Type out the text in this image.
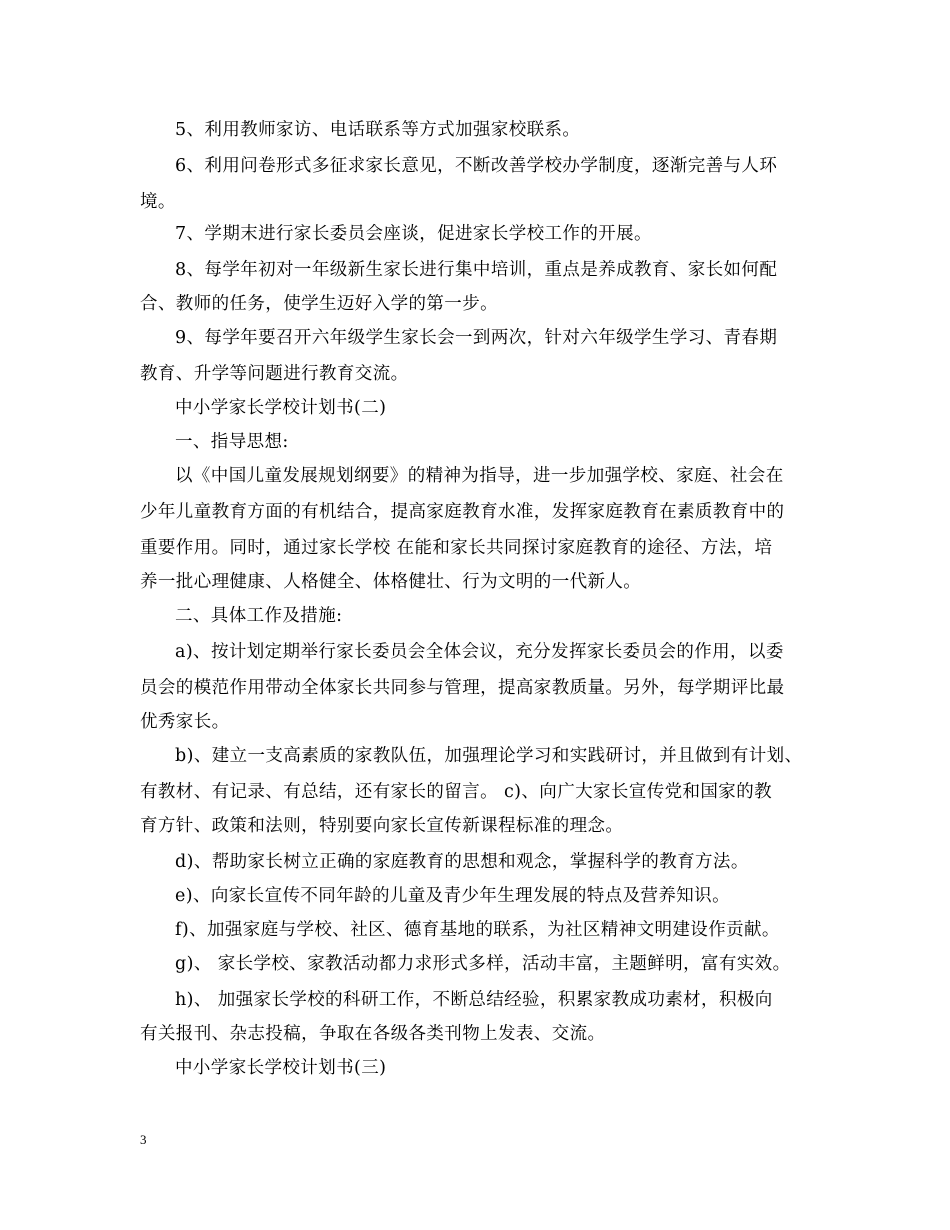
5、利用教师家访、电话联系等方式加强家校联系。
6、利用问卷形式多征求家长意见，不断改善学校办学制度，逐渐完善与人环
境。
7、学期末进行家长委员会座谈，促进家长学校工作的开展。
8、每学年初对一年级新生家长进行集中培训，重点是养成教育、家长如何配
合、教师的任务，使学生迈好入学的第一步。
9、每学年要召开六年级学生家长会一到两次，针对六年级学生学习、青春期
教育、升学等问题进行教育交流。
中小学家长学校计划书(二)
一、指导思想:
以《中国儿童发展规划纲要》的精神为指导，进一步加强学校、家庭、社会在
少年儿童教育方面的有机结合，提高家庭教育水准，发挥家庭教育在素质教育中的
重要作用。同时，通过家长学校 在能和家长共同探讨家庭教育的途径、方法，培
养一批心理健康、人格健全、体格健壮、行为文明的一代新人。
二、具体工作及措施:
a)、按计划定期举行家长委员会全体会议，充分发挥家长委员会的作用，以委
员会的模范作用带动全体家长共同参与管理，提高家教质量。另外，每学期评比最
优秀家长。
b)、建立一支高素质的家教队伍，加强理论学习和实践研讨，并且做到有计划、
有教材、有记录、有总结，还有家长的留言。 c)、向广大家长宣传党和国家的教
育方针、政策和法则，特别要向家长宣传新课程标准的理念。
d)、帮助家长树立正确的家庭教育的思想和观念，掌握科学的教育方法。
e)、向家长宣传不同年龄的儿童及青少年生理发展的特点及营养知识。
f)、加强家庭与学校、社区、德育基地的联系，为社区精神文明建设作贡献。
g)、 家长学校、家教活动都力求形式多样，活动丰富，主题鲜明，富有实效。
h)、 加强家长学校的科研工作，不断总结经验，积累家教成功素材，积极向
有关报刊、杂志投稿，争取在各级各类刊物上发表、交流。
中小学家长学校计划书(三)
3
